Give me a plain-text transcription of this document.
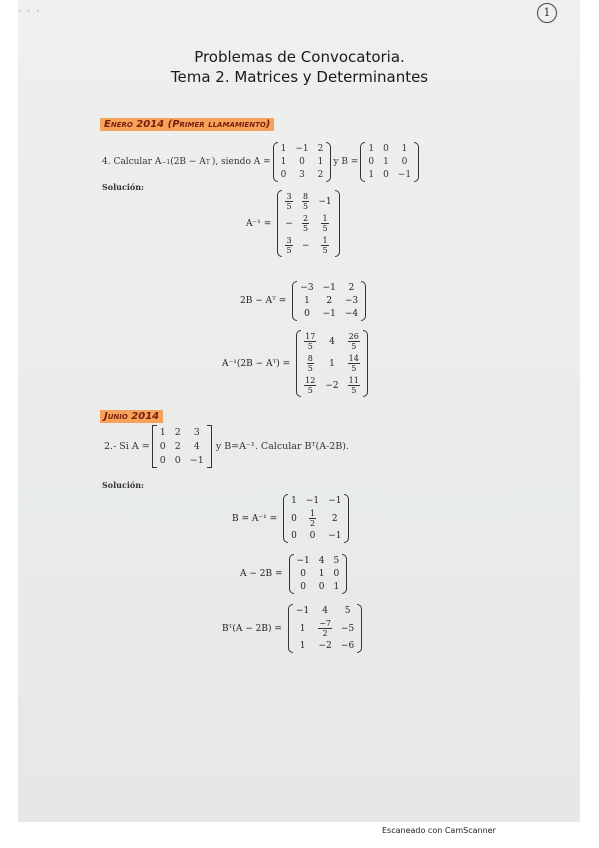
‑ ‑ ‑	1
Problemas de Convocatoria.
Tema 2. Matrices y Determinantes
Enero 2014 (Primer llamamiento)
4. Calcular A −1 (2B − A T ), siendo A =
1 −1 2
1 0 1
0 3 2
y B =
1 0 1
0 1 0
1 0 −1
Solución:
A⁻¹ =
$\frac{3}{5} \frac{8}{5} -1$
− $\frac{2}{5} \frac{1}{5}$
$\frac{3}{5} - \frac{1}{5}$
2B − Aᵀ =
−3 −1 2
1 2 −3
0 −1 −4
A⁻¹(2B − Aᵀ) =
$\frac{17}{5} 4 \frac{26}{5}$
$\frac{8}{5} 1 \frac{14}{5}$
$\frac{12}{5} -2 \frac{11}{5}$
Junio 2014
2.- Si A =
1 2 3
0 2 4
0 0 −1
y B=A⁻¹. Calcular Bᵀ(A-2B).
Solución:
B = A⁻¹ =
1 −1 −1
$0 \frac{1}{2} 2$
0 0 −1
A − 2B =
−1 4 5
0 1 0
0 0 1
Bᵀ(A − 2B) =
−1 4 5
$1 \frac{-7}{2} -5$
1 −2 −6
Escaneado con CamScanner
